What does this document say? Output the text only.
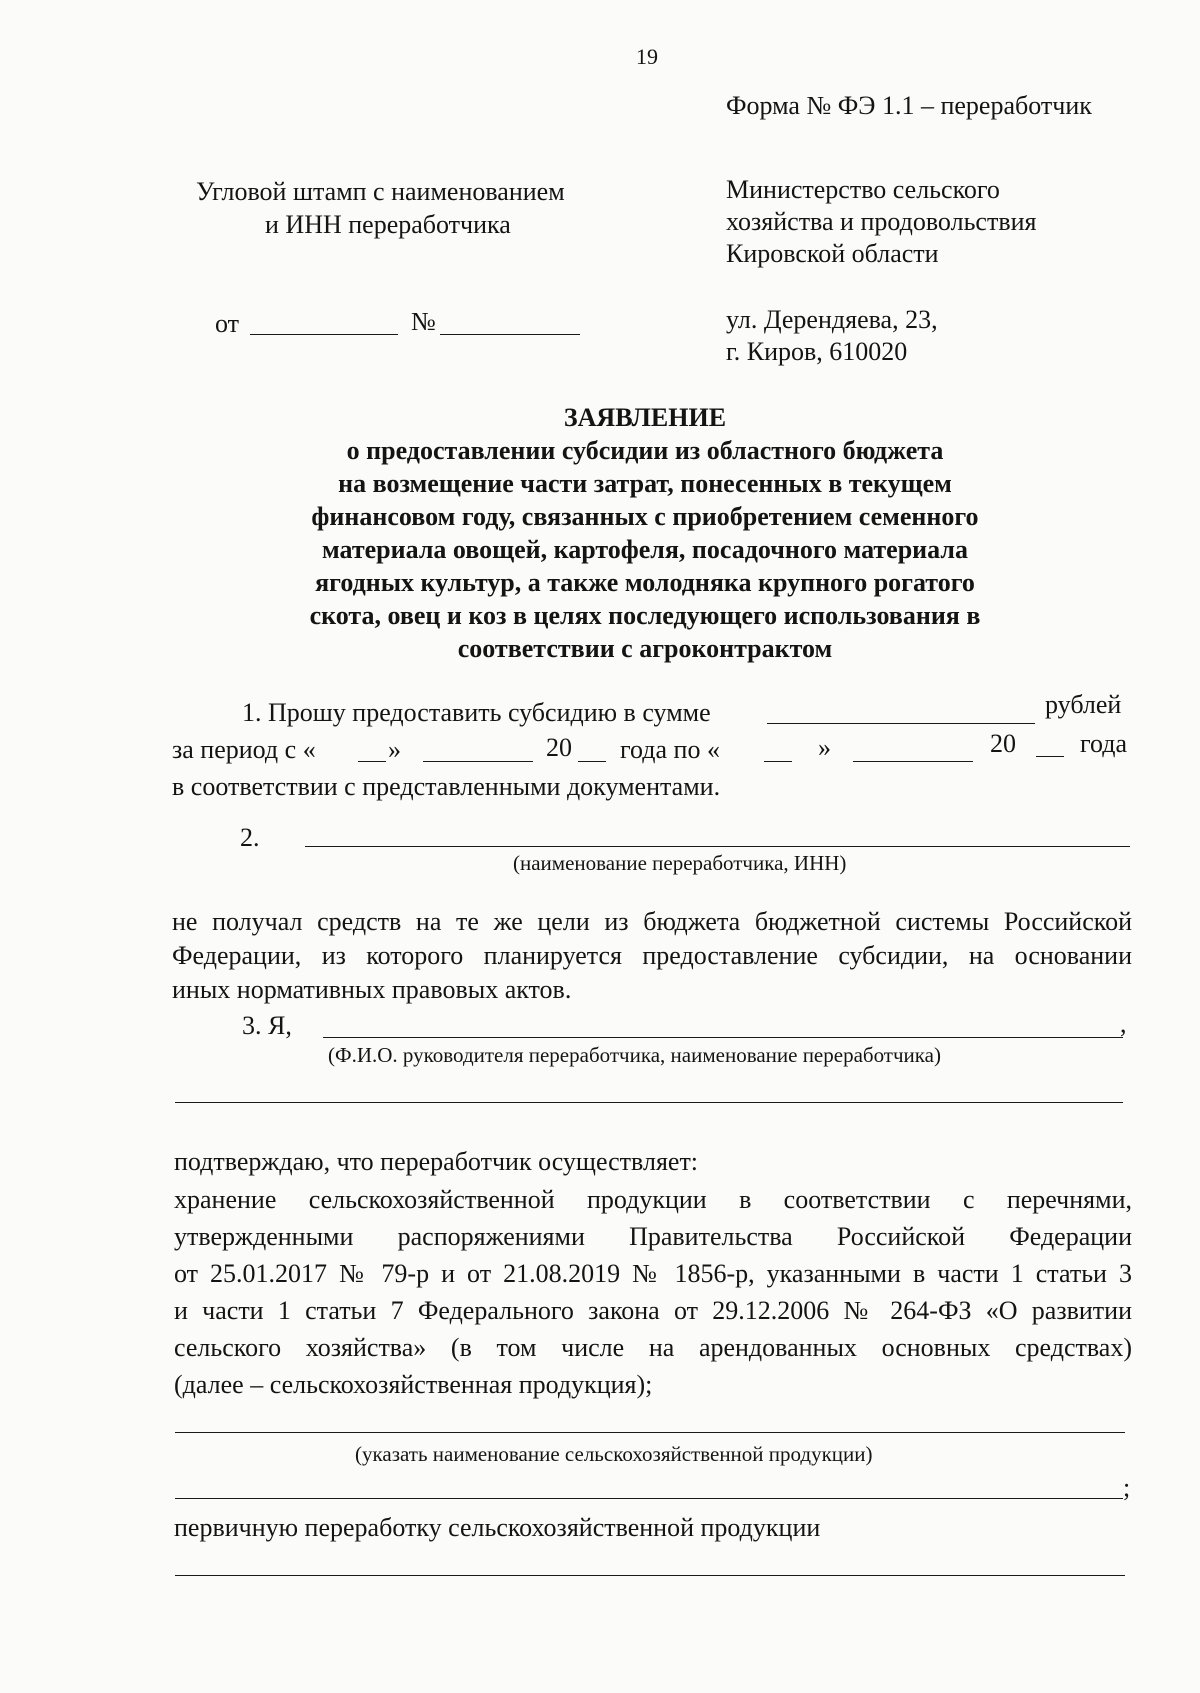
19
Форма № ФЭ 1.1 – переработчик
Угловой штамп с наименованием
и ИНН переработчика
Министерство сельского
хозяйства и продовольствия
Кировской области
ул. Дерендяева, 23,
г. Киров, 610020
от	№
ЗАЯВЛЕНИЕ
о предоставлении субсидии из областного бюджета
на возмещение части затрат, понесенных в текущем
финансовом году, связанных с приобретением семенного
материала овощей, картофеля, посадочного материала
ягодных культур, а также молодняка крупного рогатого
скота, овец и коз в целях последующего использования в
соответствии с агроконтрактом
1. Прошу предоставить субсидию в сумме	рублей
за период с «	»	20 года по «	»	20 года
в соответствии с представленными документами.
2.
(наименование переработчика, ИНН)
не получал средств на те же цели из бюджета бюджетной системы Российской
Федерации, из которого планируется предоставление субсидии, на основании
иных нормативных правовых актов.
3. Я,	,
(Ф.И.О. руководителя переработчика, наименование переработчика)
подтверждаю, что переработчик осуществляет:
хранение сельскохозяйственной продукции в соответствии с перечнями,
утвержденными распоряжениями Правительства Российской Федерации
от 25.01.2017 № 79-р и от 21.08.2019 № 1856-р, указанными в части 1 статьи 3
и части 1 статьи 7 Федерального закона от 29.12.2006 № 264-ФЗ «О развитии
сельского хозяйства» (в том числе на арендованных основных средствах)
(далее – сельскохозяйственная продукция);
(указать наименование сельскохозяйственной продукции)
;
первичную переработку сельскохозяйственной продукции
